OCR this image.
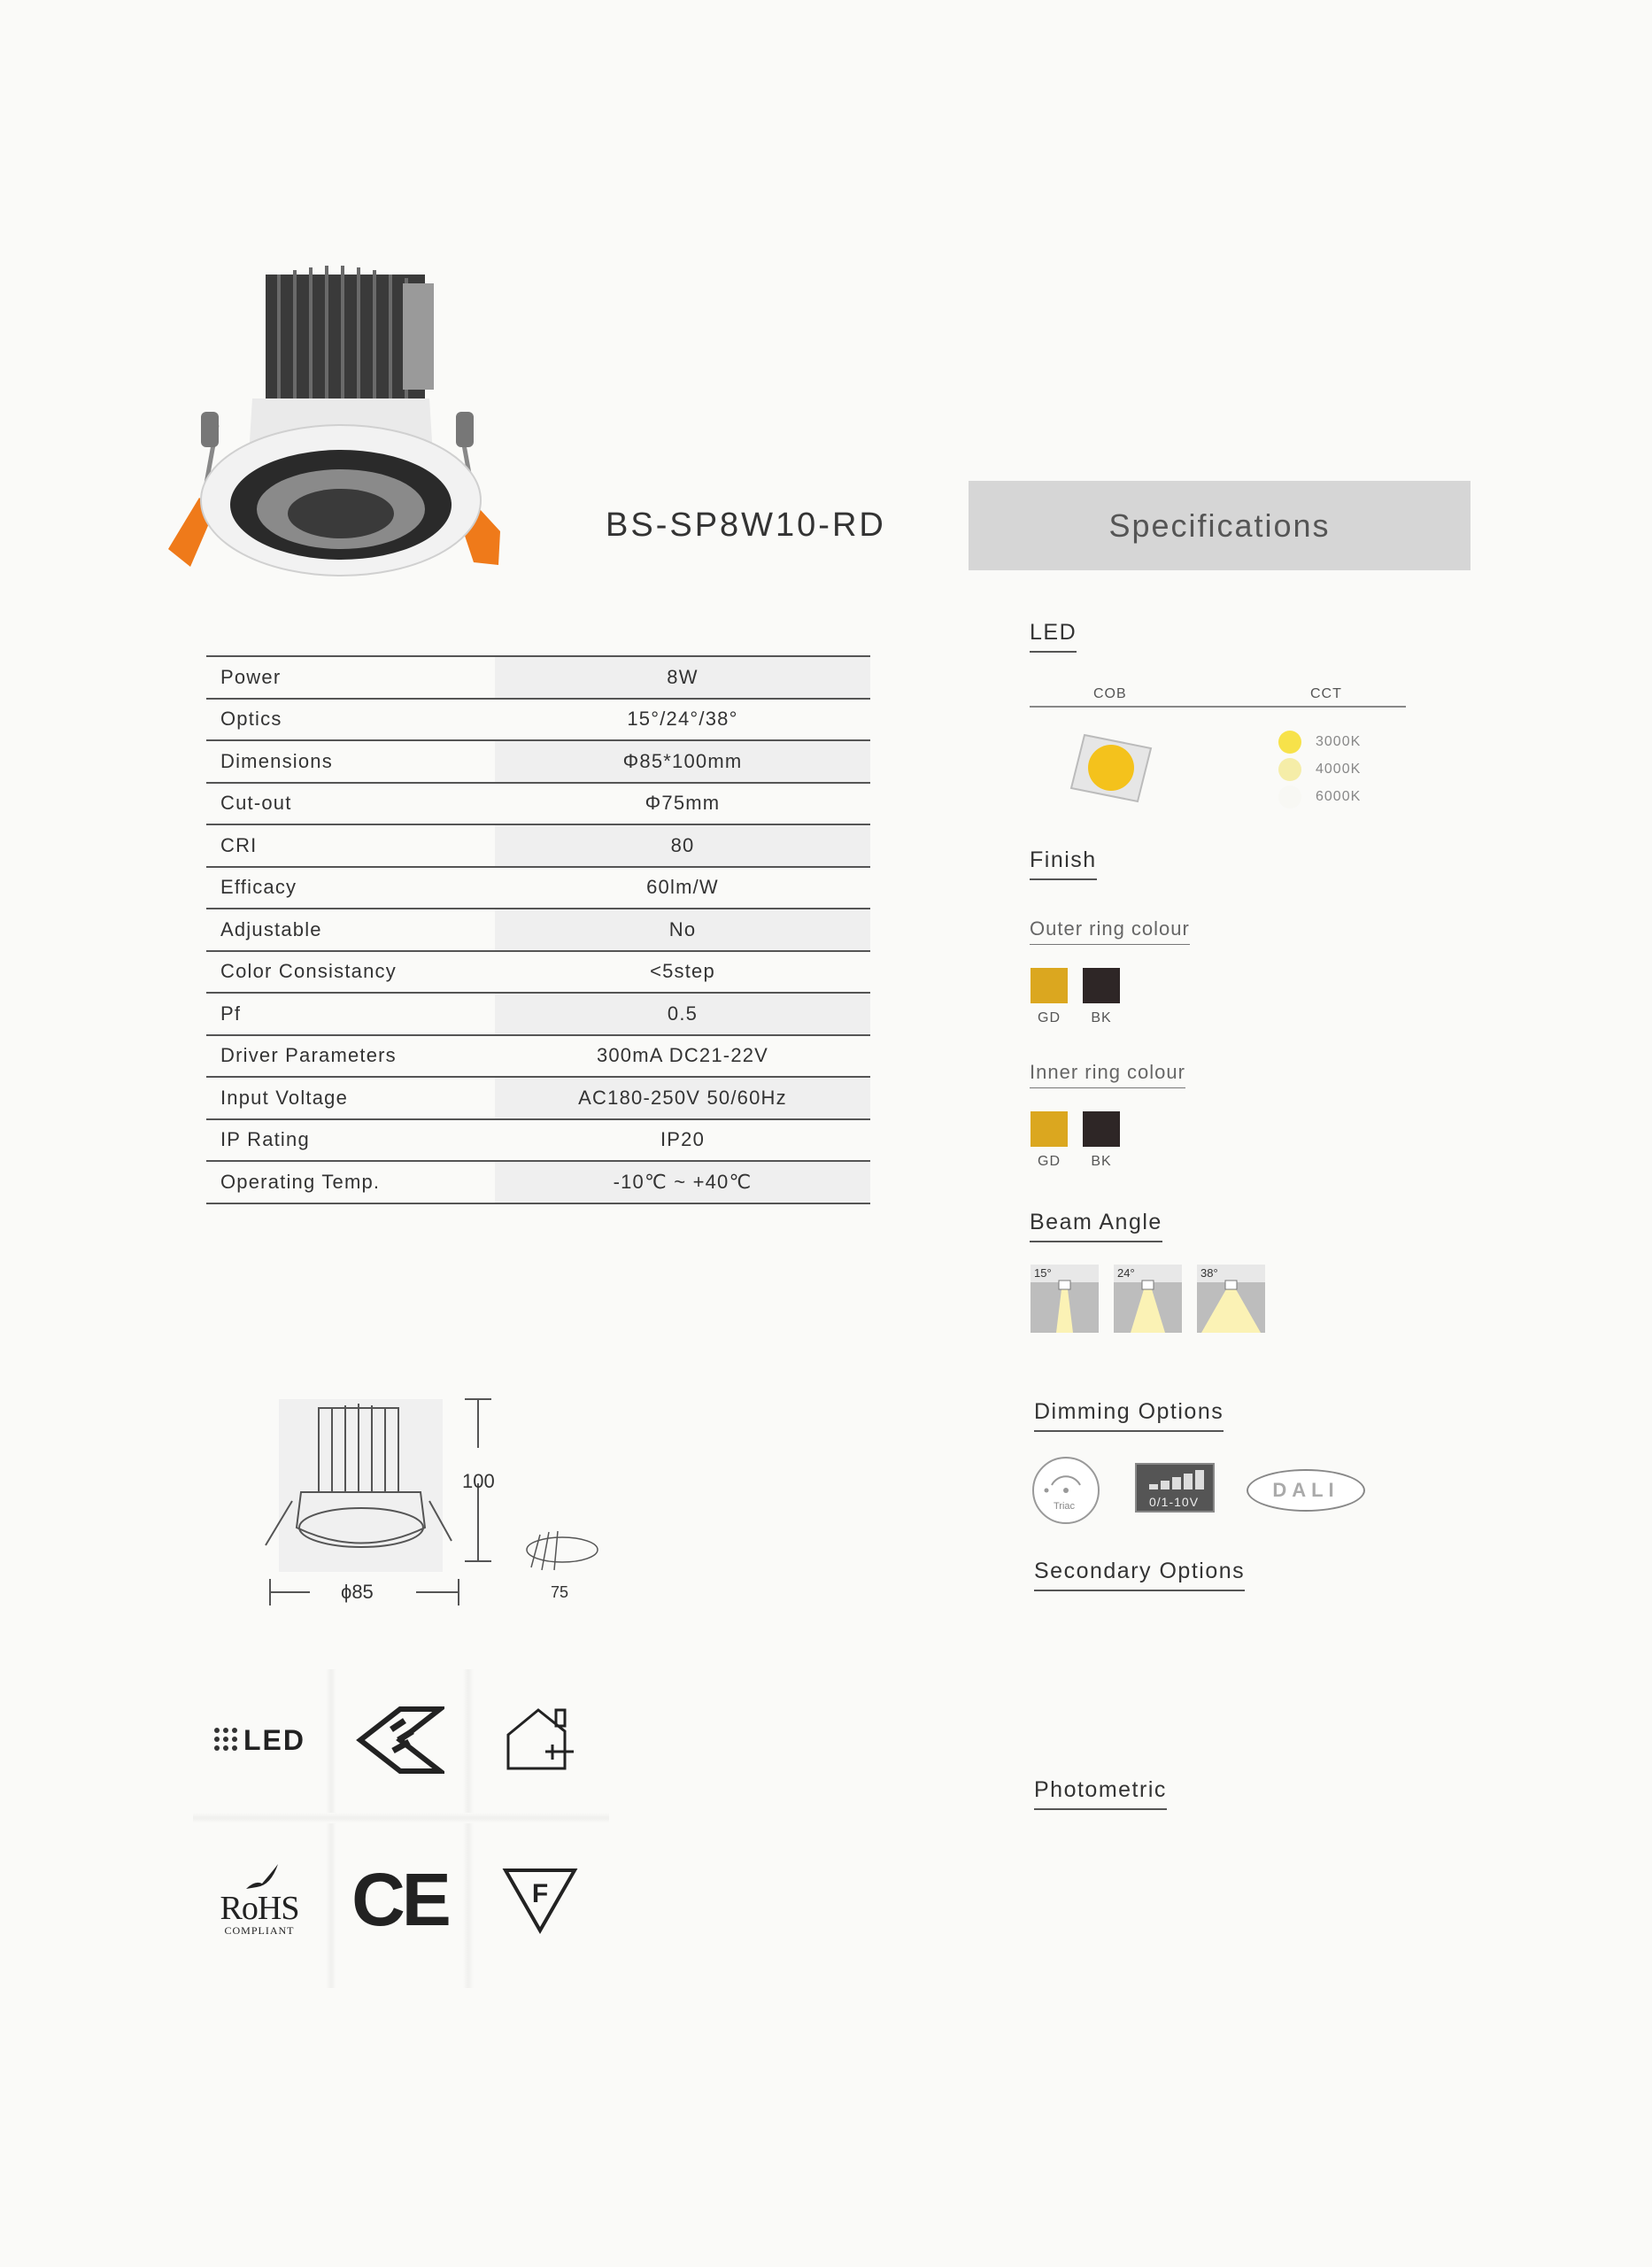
BS-SP8W10-RD	Specifications
Power	8W
Optics	15°/24°/38°
Dimensions	Φ85*100mm
Cut-out	Φ75mm
CRI	80
Efficacy	60lm/W
Adjustable	No
Color Consistancy	<5step
Pf	0.5
Driver Parameters	300mA DC21-22V
Input Voltage	AC180-250V 50/60Hz
IP Rating	IP20
Operating Temp.	-10℃ ~ +40℃
LED
COB	CCT
3000K
4000K
6000K
Finish
Outer ring colour
GD	BK
Inner ring colour
GD	BK
Beam Angle
15°	24°	38°
Dimming Options
Triac	0/1-10V
DALI
Secondary Options
Photometric
100
ϕ85	75
LED
RoHS
COMPLIANT CE	F
